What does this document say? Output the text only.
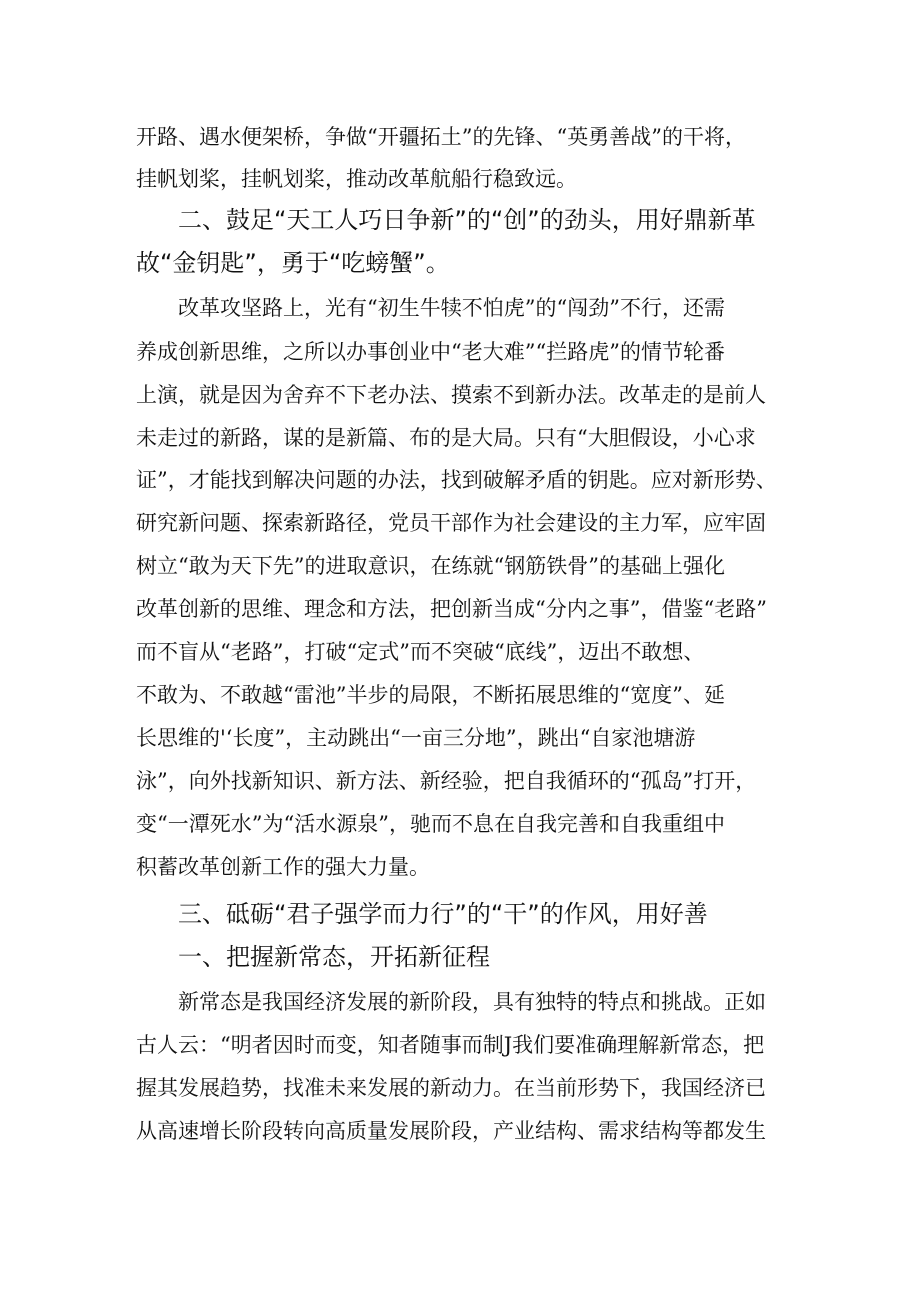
开路、遇水便架桥，争做“开疆拓土”的先锋、“英勇善战”的干将，

挂帆划桨，挂帆划桨，推动改革航船行稳致远。

二、鼓足“天工人巧日争新”的“创”的劲头，用好鼎新革
故“金钥匙”，勇于“吃螃蟹”。

改革攻坚路上，光有“初生牛犊不怕虎”的“闯劲”不行，还需

养成创新思维，之所以办事创业中“老大难”“拦路虎”的情节轮番

上演，就是因为舍弃不下老办法、摸索不到新办法。改革走的是前人

未走过的新路，谋的是新篇、布的是大局。只有“大胆假设，小心求

证”，才能找到解决问题的办法，找到破解矛盾的钥匙。应对新形势、

研究新问题、探索新路径，党员干部作为社会建设的主力军，应牢固

树立“敢为天下先”的进取意识，在练就“钢筋铁骨”的基础上强化

改革创新的思维、理念和方法，把创新当成“分内之事”，借鉴“老路”

而不盲从“老路”，打破“定式”而不突破“底线”，迈出不敢想、

不敢为、不敢越“雷池”半步的局限，不断拓展思维的“宽度”、延

长思维的'‘长度”，主动跳出“一亩三分地”，跳出“自家池塘游

泳”，向外找新知识、新方法、新经验，把自我循环的“孤岛”打开，

变“一潭死水”为“活水源泉”，驰而不息在自我完善和自我重组中

积蓄改革创新工作的强大力量。

三、砥砺“君子强学而力行”的“干”的作风，用好善
一、把握新常态，开拓新征程

新常态是我国经济发展的新阶段，具有独特的特点和挑战。正如

古人云：“明者因时而变，知者随事而制J我们要准确理解新常态，把

握其发展趋势，找准未来发展的新动力。在当前形势下，我国经济已

从高速增长阶段转向高质量发展阶段，产业结构、需求结构等都发生
